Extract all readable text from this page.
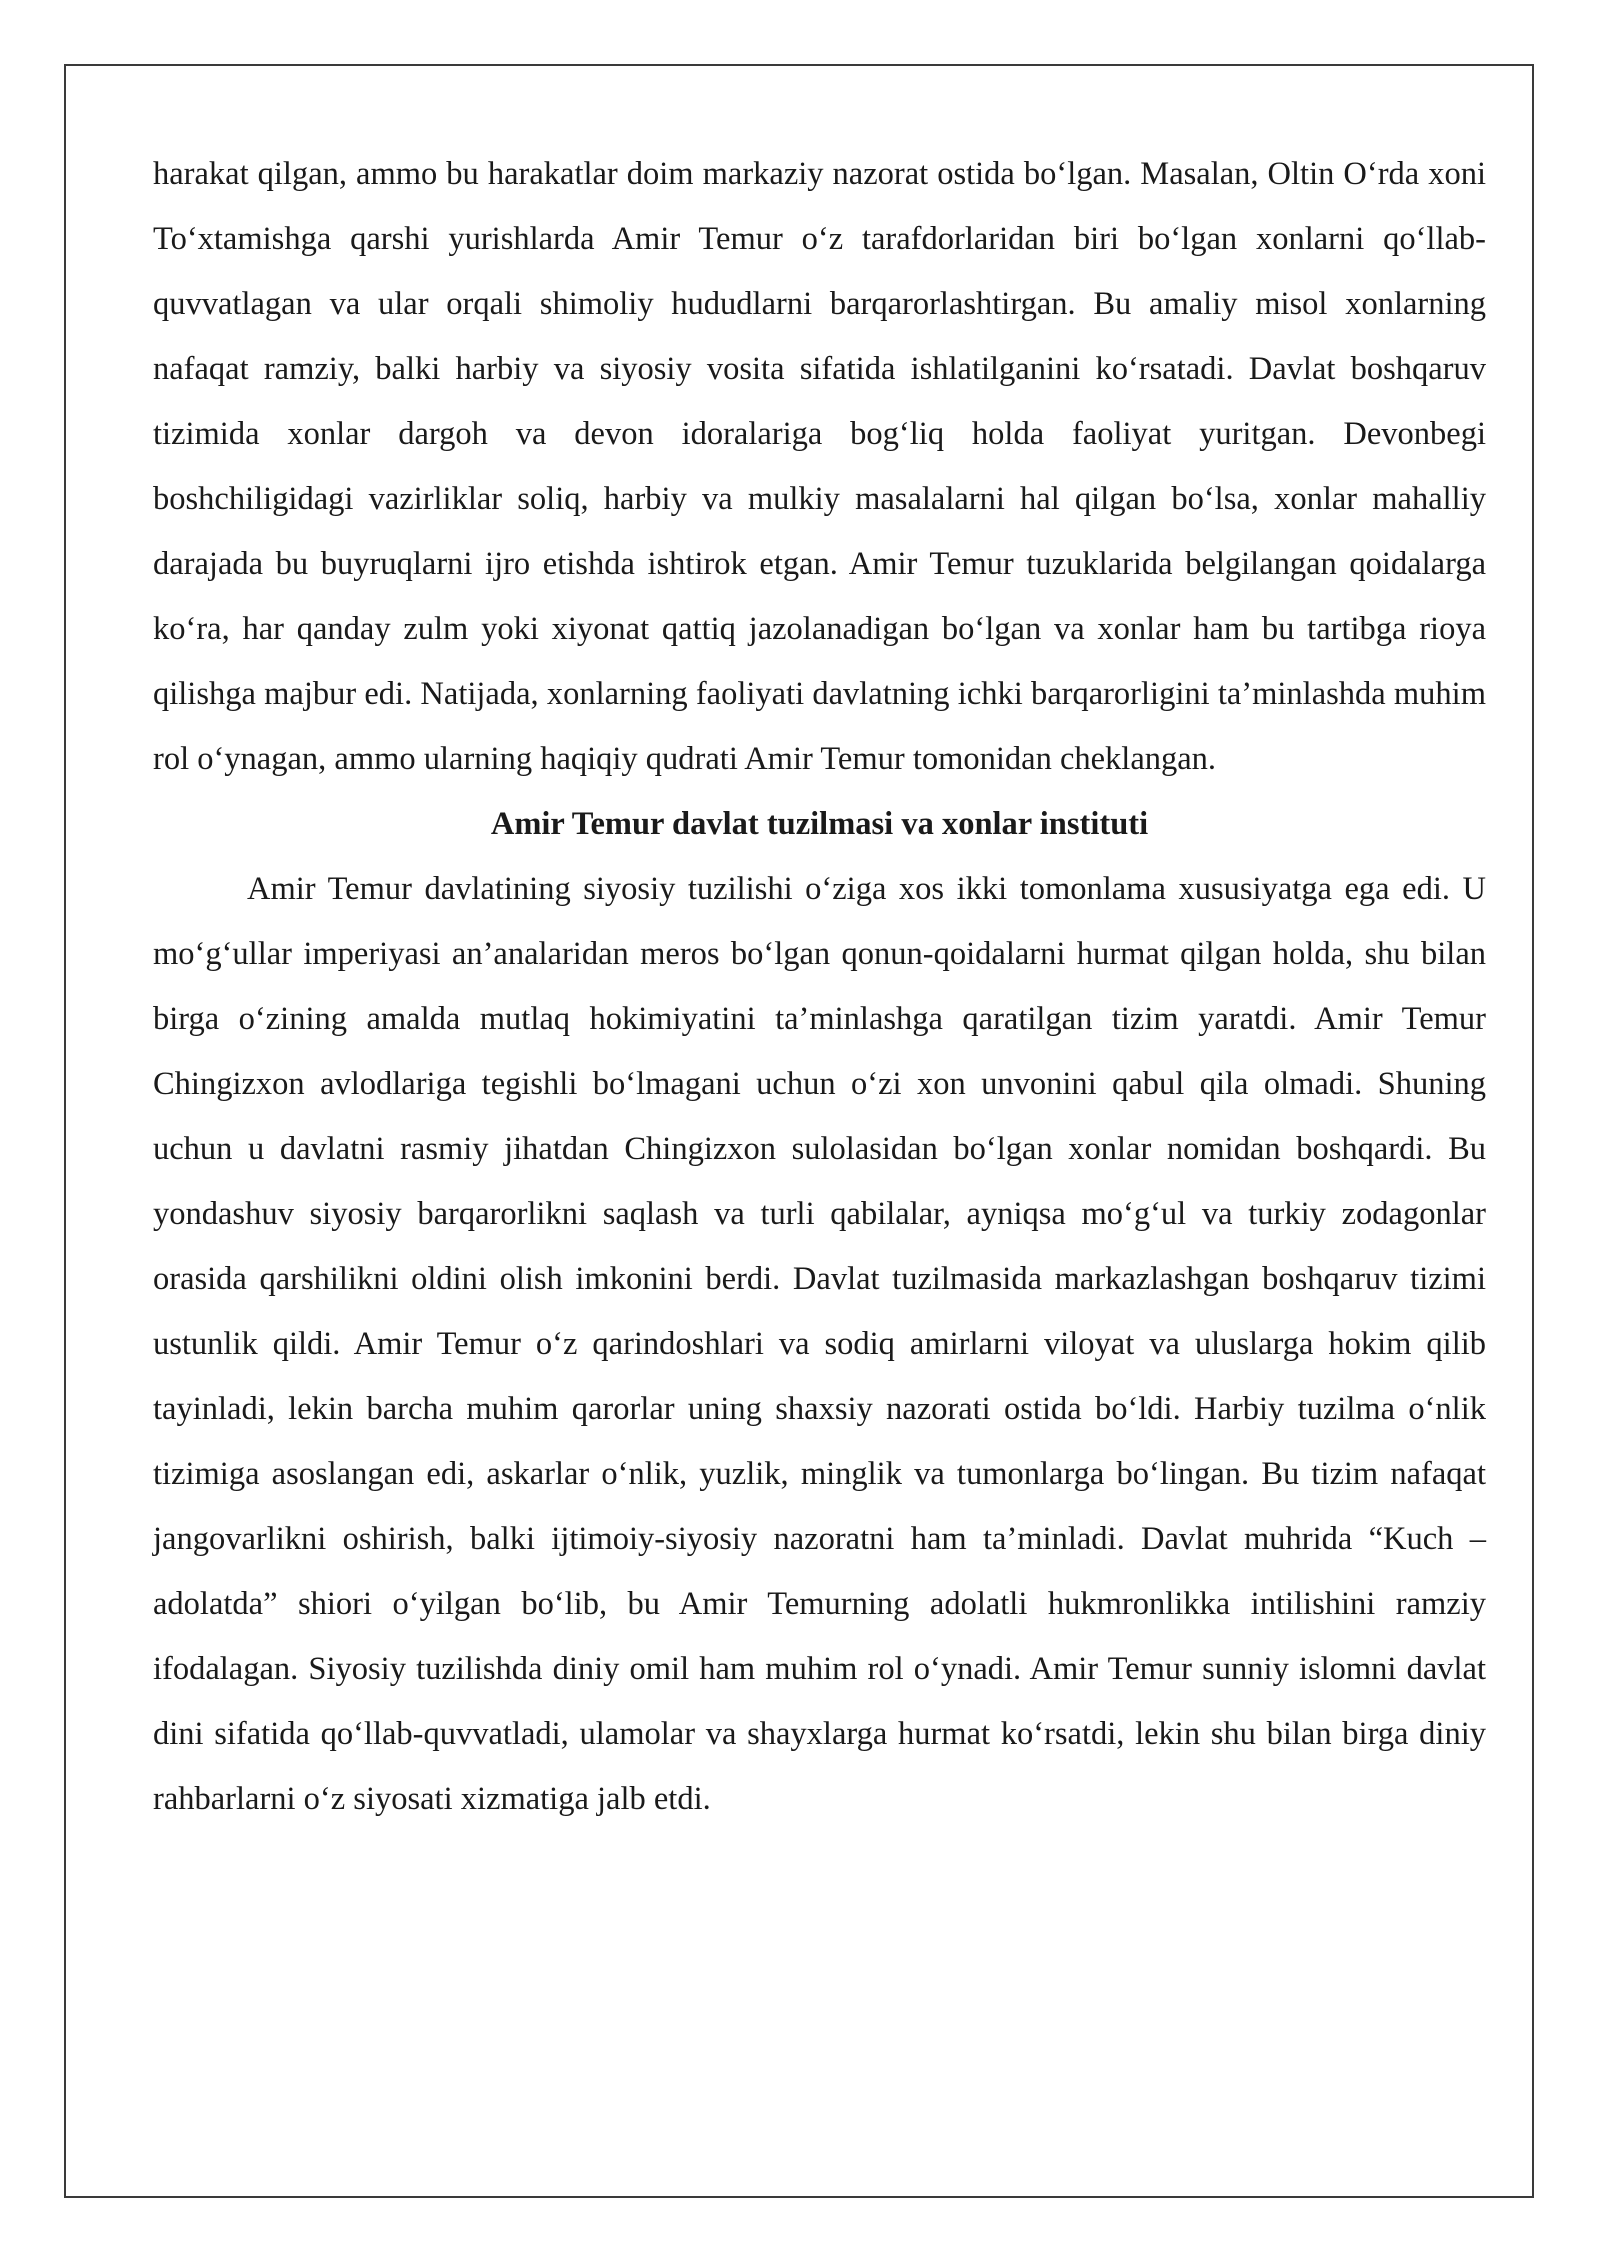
harakat qilgan, ammo bu harakatlar doim markaziy nazorat ostida bo‘lgan. Masalan, Oltin O‘rda xoni To‘xtamishga qarshi yurishlarda Amir Temur o‘z tarafdorlaridan biri bo‘lgan xonlarni qo‘llab-quvvatlagan va ular orqali shimoliy hududlarni barqarorlashtirgan. Bu amaliy misol xonlarning nafaqat ramziy, balki harbiy va siyosiy vosita sifatida ishlatilganini ko‘rsatadi. Davlat boshqaruv tizimida xonlar dargoh va devon idoralariga bog‘liq holda faoliyat yuritgan. Devonbegi boshchiligidagi vazirliklar soliq, harbiy va mulkiy masalalarni hal qilgan bo‘lsa, xonlar mahalliy darajada bu buyruqlarni ijro etishda ishtirok etgan. Amir Temur tuzuklarida belgilangan qoidalarga ko‘ra, har qanday zulm yoki xiyonat qattiq jazolanadigan bo‘lgan va xonlar ham bu tartibga rioya qilishga majbur edi. Natijada, xonlarning faoliyati davlatning ichki barqarorligini ta’minlashda muhim rol o‘ynagan, ammo ularning haqiqiy qudrati Amir Temur tomonidan cheklangan.

Amir Temur davlat tuzilmasi va xonlar instituti

Amir Temur davlatining siyosiy tuzilishi o‘ziga xos ikki tomonlama xususiyatga ega edi. U mo‘g‘ullar imperiyasi an’analaridan meros bo‘lgan qonun-qoidalarni hurmat qilgan holda, shu bilan birga o‘zining amalda mutlaq hokimiyatini ta’minlashga qaratilgan tizim yaratdi. Amir Temur Chingizxon avlodlariga tegishli bo‘lmagani uchun o‘zi xon unvonini qabul qila olmadi. Shuning uchun u davlatni rasmiy jihatdan Chingizxon sulolasidan bo‘lgan xonlar nomidan boshqardi. Bu yondashuv siyosiy barqarorlikni saqlash va turli qabilalar, ayniqsa mo‘g‘ul va turkiy zodagonlar orasida qarshilikni oldini olish imkonini berdi. Davlat tuzilmasida markazlashgan boshqaruv tizimi ustunlik qildi. Amir Temur o‘z qarindoshlari va sodiq amirlarni viloyat va uluslarga hokim qilib tayinladi, lekin barcha muhim qarorlar uning shaxsiy nazorati ostida bo‘ldi. Harbiy tuzilma o‘nlik tizimiga asoslangan edi, askarlar o‘nlik, yuzlik, minglik va tumonlarga bo‘lingan. Bu tizim nafaqat jangovarlikni oshirish, balki ijtimoiy-siyosiy nazoratni ham ta’minladi. Davlat muhrida “Kuch – adolatda” shiori o‘yilgan bo‘lib, bu Amir Temurning adolatli hukmronlikka intilishini ramziy ifodalagan. Siyosiy tuzilishda diniy omil ham muhim rol o‘ynadi. Amir Temur sunniy islomni davlat dini sifatida qo‘llab-quvvatladi, ulamolar va shayxlarga hurmat ko‘rsatdi, lekin shu bilan birga diniy rahbarlarni o‘z siyosati xizmatiga jalb etdi.
